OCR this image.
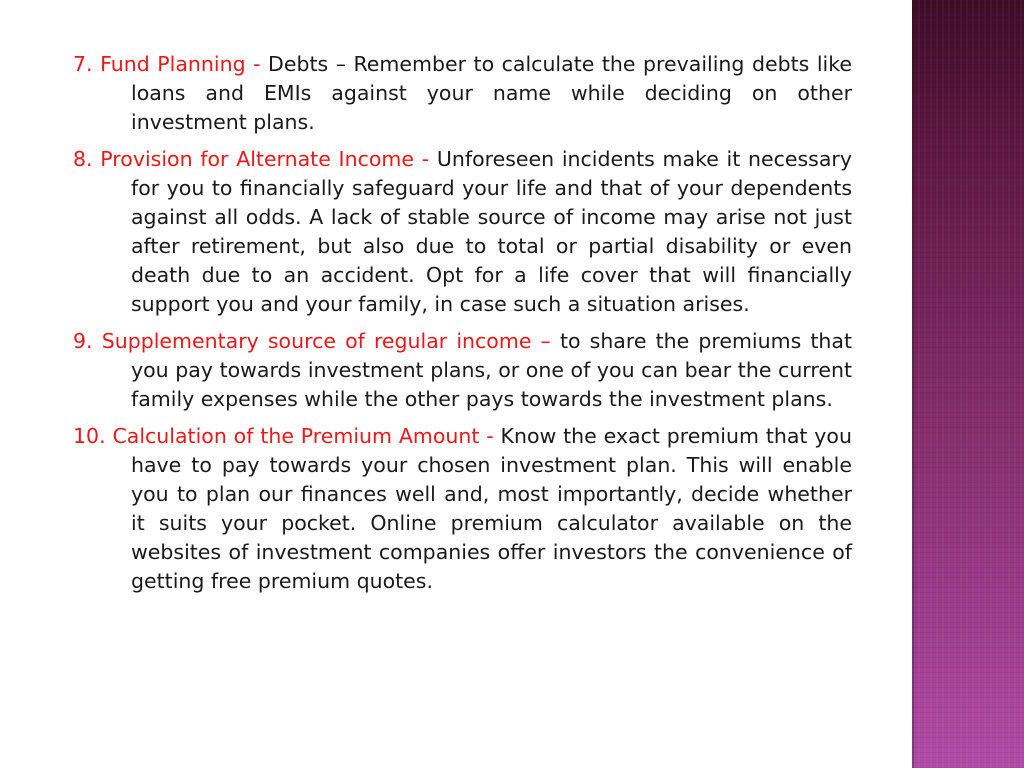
7. Fund Planning - Debts – Remember to calculate the prevailing debts like loans and EMIs against your name while deciding on other investment plans.

8. Provision for Alternate Income - Unforeseen incidents make it necessary for you to financially safeguard your life and that of your dependents against all odds. A lack of stable source of income may arise not just after retirement, but also due to total or partial disability or even death due to an accident. Opt for a life cover that will financially support you and your family, in case such a situation arises.

9. Supplementary source of regular income – to share the premiums that you pay towards investment plans, or one of you can bear the current family expenses while the other pays towards the investment plans.

10. Calculation of the Premium Amount - Know the exact premium that you have to pay towards your chosen investment plan. This will enable you to plan our finances well and, most importantly, decide whether it suits your pocket. Online premium calculator available on the websites of investment companies offer investors the convenience of getting free premium quotes.
